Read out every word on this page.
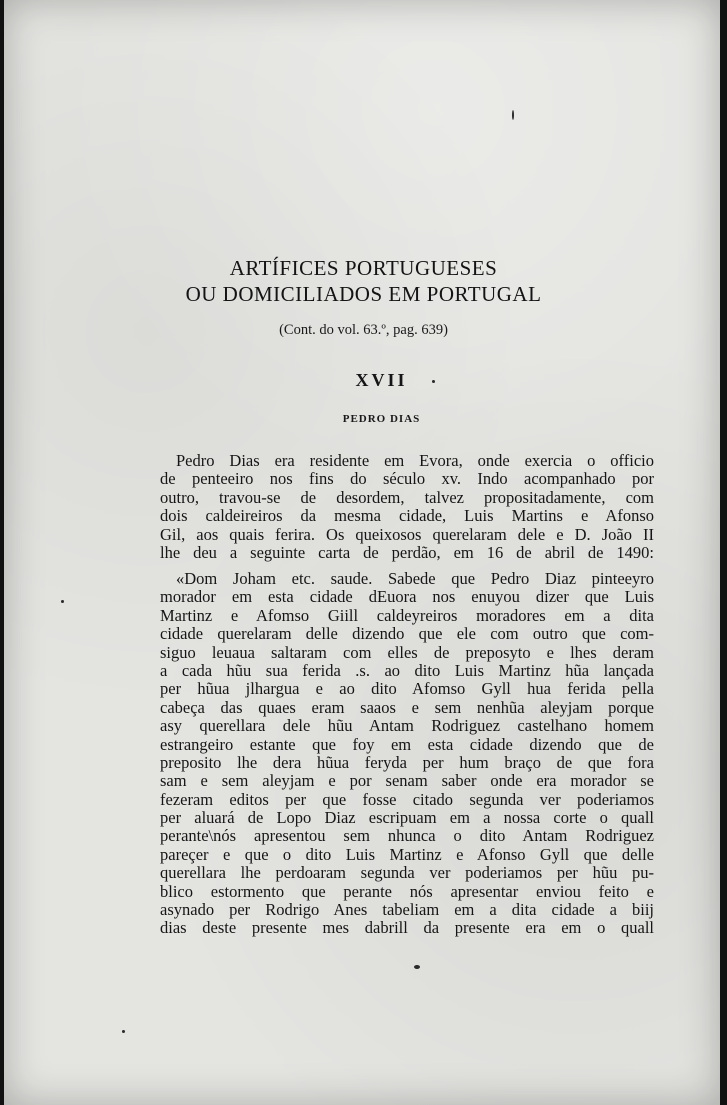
ARTÍFICES PORTUGUESES
OU DOMICILIADOS EM PORTUGAL
(Cont. do vol. 63.º, pag. 639)
XVII
PEDRO DIAS
Pedro Dias era residente em Evora, onde exercia o officio
de penteeiro nos fins do século xv. Indo acompanhado por
outro, travou-se de desordem, talvez propositadamente, com
dois caldeireiros da mesma cidade, Luis Martins e Afonso
Gil, aos quais ferira. Os queixosos querelaram dele e D. João II
lhe deu a seguinte carta de perdão, em 16 de abril de 1490:
«Dom Joham etc. saude. Sabede que Pedro Diaz pinteeyro
morador em esta cidade dEuora nos enuyou dizer que Luis
Martinz e Afomso Giill caldeyreiros moradores em a dita
cidade querelaram delle dizendo que ele com outro que com-
siguo leuaua saltaram com elles de preposyto e lhes deram
a cada hũu sua ferida .s. ao dito Luis Martinz hũa lançada
per hũua jlhargua e ao dito Afomso Gyll hua ferida pella
cabeça das quaes eram saaos e sem nenhũa aleyjam porque
asy querellara dele hũu Antam Rodriguez castelhano homem
estrangeiro estante que foy em esta cidade dizendo que de
preposito lhe dera hũua feryda per hum braço de que fora
sam e sem aleyjam e por senam saber onde era morador se
fezeram editos per que fosse citado segunda ver poderiamos
per aluará de Lopo Diaz escripuam em a nossa corte o quall
perante\nós apresentou sem nhunca o dito Antam Rodriguez
pareçer e que o dito Luis Martinz e Afonso Gyll que delle
querellara lhe perdoaram segunda ver poderiamos per hũu pu-
blico estormento que perante nós apresentar enviou feito e
asynado per Rodrigo Anes tabeliam em a dita cidade a biij
dias deste presente mes dabrill da presente era em o quall
